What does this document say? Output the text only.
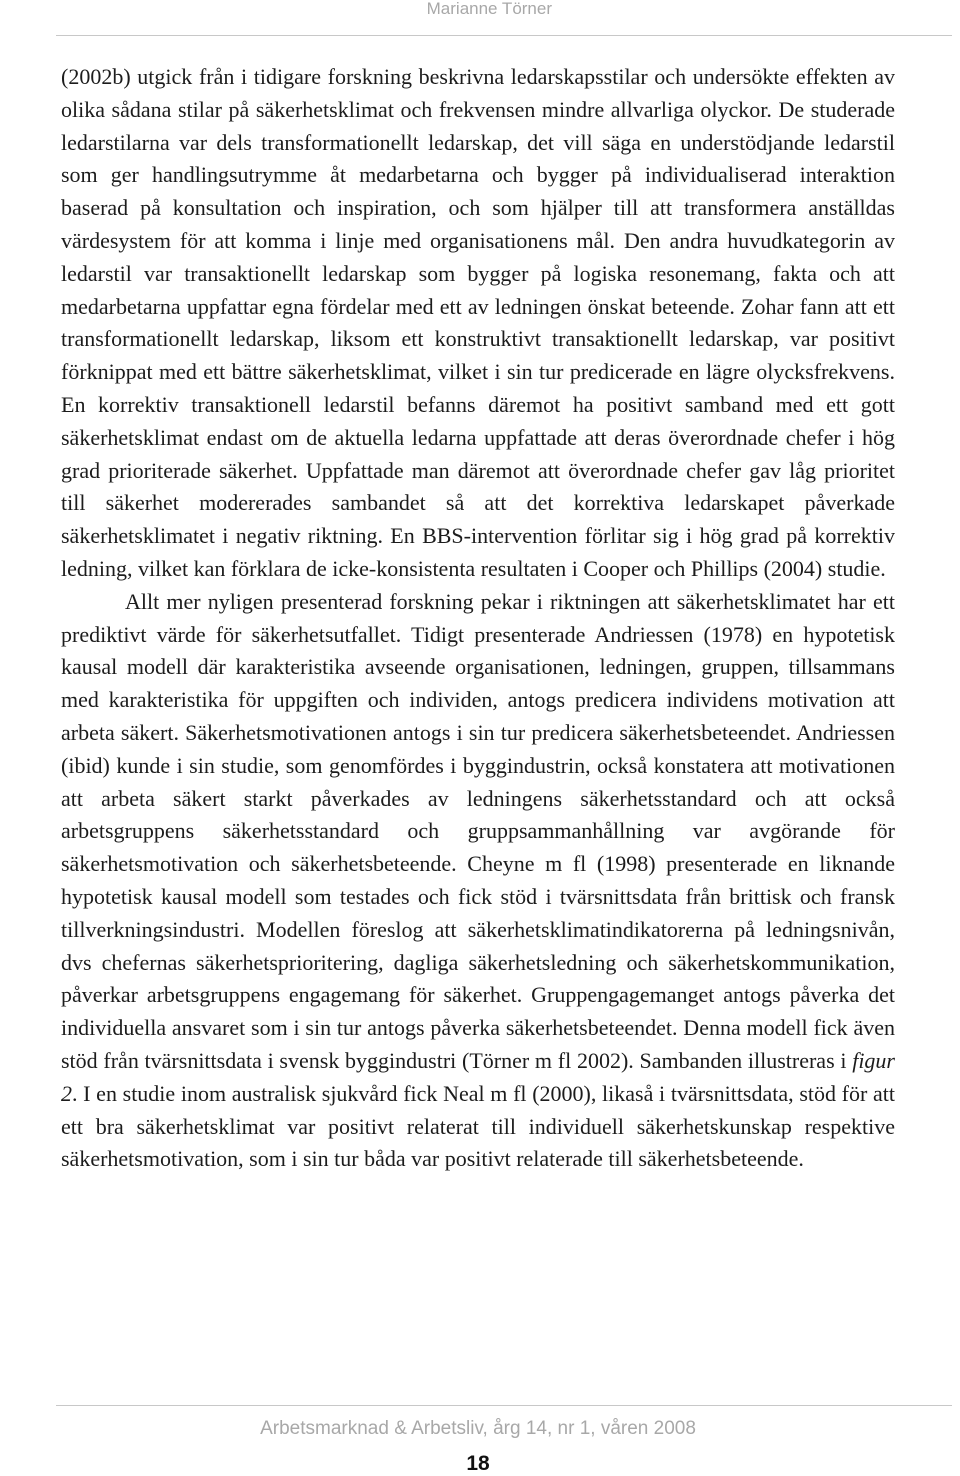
Marianne Törner

(2002b) utgick från i tidigare forskning beskrivna ledarskapsstilar och undersökte effekten av olika sådana stilar på säkerhetsklimat och frekvensen mindre allvarliga olyckor. De studerade ledarstilarna var dels transformationellt ledarskap, det vill säga en understödjande ledarstil som ger handlingsutrymme åt medarbetarna och bygger på individualiserad interaktion baserad på konsultation och inspiration, och som hjälper till att transformera anställdas värdesystem för att komma i linje med organisationens mål. Den andra huvudkategorin av ledarstil var transaktionellt ledarskap som bygger på logiska resonemang, fakta och att medarbetarna uppfattar egna fördelar med ett av ledningen önskat beteende. Zohar fann att ett transformationellt ledarskap, liksom ett konstruktivt transaktionellt ledarskap, var positivt förknippat med ett bättre säkerhetsklimat, vilket i sin tur predicerade en lägre olycksfrekvens. En korrektiv transaktionell ledarstil befanns däremot ha positivt samband med ett gott säkerhetsklimat endast om de aktuella ledarna uppfattade att deras överordnade chefer i hög grad prioriterade säkerhet. Uppfattade man däremot att överordnade chefer gav låg prioritet till säkerhet modererades sambandet så att det korrektiva ledarskapet påverkade säkerhetsklimatet i negativ riktning. En BBS-intervention förlitar sig i hög grad på korrektiv ledning, vilket kan förklara de icke-konsistenta resultaten i Cooper och Phillips (2004) studie.

Allt mer nyligen presenterad forskning pekar i riktningen att säkerhetsklimatet har ett prediktivt värde för säkerhetsutfallet. Tidigt presenterade Andriessen (1978) en hypotetisk kausal modell där karakteristika avseende organisationen, ledningen, gruppen, tillsammans med karakteristika för uppgiften och individen, antogs predicera individens motivation att arbeta säkert. Säkerhetsmotivationen antogs i sin tur predicera säkerhetsbeteendet. Andriessen (ibid) kunde i sin studie, som genomfördes i byggindustrin, också konstatera att motivationen att arbeta säkert starkt påverkades av ledningens säkerhetsstandard och att också arbetsgruppens säkerhetsstandard och gruppsammanhållning var avgörande för säkerhetsmotivation och säkerhetsbeteende. Cheyne m fl (1998) presenterade en liknande hypotetisk kausal modell som testades och fick stöd i tvärsnittsdata från brittisk och fransk tillverkningsindustri. Modellen föreslog att säkerhetsklimatindikatorerna på ledningsnivån, dvs chefernas säkerhetsprioritering, dagliga säkerhetsledning och säkerhetskommunikation, påverkar arbetsgruppens engagemang för säkerhet. Gruppengagemanget antogs påverka det individuella ansvaret som i sin tur antogs påverka säkerhetsbeteendet. Denna modell fick även stöd från tvärsnittsdata i svensk byggindustri (Törner m fl 2002). Sambanden illustreras i figur 2. I en studie inom australisk sjukvård fick Neal m fl (2000), likaså i tvärsnittsdata, stöd för att ett bra säkerhetsklimat var positivt relaterat till individuell säkerhetskunskap respektive säkerhetsmotivation, som i sin tur båda var positivt relaterade till säkerhetsbeteende.

Arbetsmarknad & Arbetsliv, årg 14, nr 1, våren 2008
18
